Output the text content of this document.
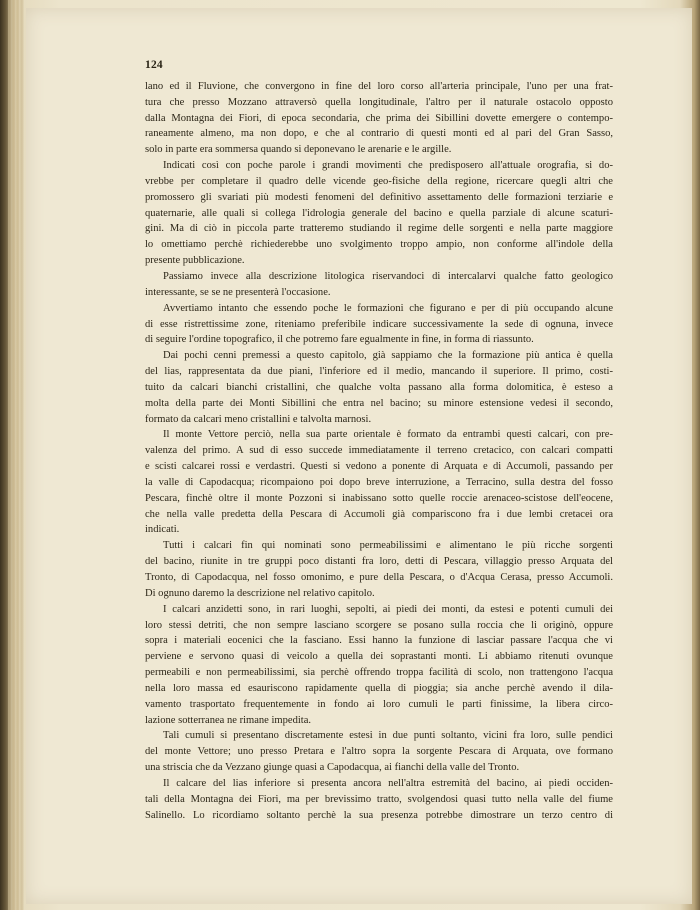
124
lano ed il Fluvione, che convergono in fine del loro corso all'arteria principale, l'uno per una frat-
tura che presso Mozzano attraversò quella longitudinale, l'altro per il naturale ostacolo opposto
dalla Montagna dei Fiori, di epoca secondaria, che prima dei Sibillini dovette emergere o contempo-
raneamente almeno, ma non dopo, e che al contrario di questi monti ed al pari del Gran Sasso,
solo in parte era sommersa quando si deponevano le arenarie e le argille.
Indicati così con poche parole i grandi movimenti che predisposero all'attuale orografia, si do-
vrebbe per completare il quadro delle vicende geo-fisiche della regione, ricercare quegli altri che
promossero gli svariati più modesti fenomeni del definitivo assettamento delle formazioni terziarie e
quaternarie, alle quali si collega l'idrologia generale del bacino e quella parziale di alcune scaturi-
gini. Ma di ciò in piccola parte tratteremo studiando il regime delle sorgenti e nella parte maggiore
lo omettiamo perchè richiederebbe uno svolgimento troppo ampio, non conforme all'indole della
presente pubblicazione.
Passiamo invece alla descrizione litologica riservandoci di intercalarvi qualche fatto geologico
interessante, se se ne presenterà l'occasione.
Avvertiamo intanto che essendo poche le formazioni che figurano e per di più occupando alcune
di esse ristrettissime zone, riteniamo preferibile indicare successivamente la sede di ognuna, invece
di seguire l'ordine topografico, il che potremo fare egualmente in fine, in forma di riassunto.
Dai pochi cenni premessi a questo capitolo, già sappiamo che la formazione più antica è quella
del lias, rappresentata da due piani, l'inferiore ed il medio, mancando il superiore. Il primo, costi-
tuito da calcari bianchi cristallini, che qualche volta passano alla forma dolomitica, è esteso a
molta della parte dei Monti Sibillini che entra nel bacino; su minore estensione vedesi il secondo,
formato da calcari meno cristallini e talvolta marnosi.
Il monte Vettore perciò, nella sua parte orientale è formato da entrambi questi calcari, con pre-
valenza del primo. A sud di esso succede immediatamente il terreno cretacico, con calcari compatti
e scisti calcarei rossi e verdastri. Questi si vedono a ponente di Arquata e di Accumoli, passando per
la valle di Capodacqua; ricompaiono poi dopo breve interruzione, a Terracino, sulla destra del fosso
Pescara, finchè oltre il monte Pozzoni si inabissano sotto quelle roccie arenaceo-scistose dell'eocene,
che nella valle predetta della Pescara di Accumoli già compariscono fra i due lembi cretacei ora
indicati.
Tutti i calcari fin qui nominati sono permeabilissimi e alimentano le più ricche sorgenti
del bacino, riunite in tre gruppi poco distanti fra loro, detti di Pescara, villaggio presso Arquata del
Tronto, di Capodacqua, nel fosso omonimo, e pure della Pescara, o d'Acqua Cerasa, presso Accumoli.
Di ognuno daremo la descrizione nel relativo capitolo.
I calcari anzidetti sono, in rari luoghi, sepolti, ai piedi dei monti, da estesi e potenti cumuli dei
loro stessi detriti, che non sempre lasciano scorgere se posano sulla roccia che li originò, oppure
sopra i materiali eocenici che la fasciano. Essi hanno la funzione di lasciar passare l'acqua che vi
perviene e servono quasi di veicolo a quella dei soprastanti monti. Li abbiamo ritenuti ovunque
permeabili e non permeabilissimi, sia perchè offrendo troppa facilità di scolo, non trattengono l'acqua
nella loro massa ed esauriscono rapidamente quella di pioggia; sia anche perchè avendo il dila-
vamento trasportato frequentemente in fondo ai loro cumuli le parti finissime, la libera circo-
lazione sotterranea ne rimane impedita.
Tali cumuli si presentano discretamente estesi in due punti soltanto, vicini fra loro, sulle pendici
del monte Vettore; uno presso Pretara e l'altro sopra la sorgente Pescara di Arquata, ove formano
una striscia che da Vezzano giunge quasi a Capodacqua, ai fianchi della valle del Tronto.
Il calcare del lias inferiore si presenta ancora nell'altra estremità del bacino, ai piedi occiden-
tali della Montagna dei Fiori, ma per brevissimo tratto, svolgendosi quasi tutto nella valle del fiume
Salinello. Lo ricordiamo soltanto perchè la sua presenza potrebbe dimostrare un terzo centro di
